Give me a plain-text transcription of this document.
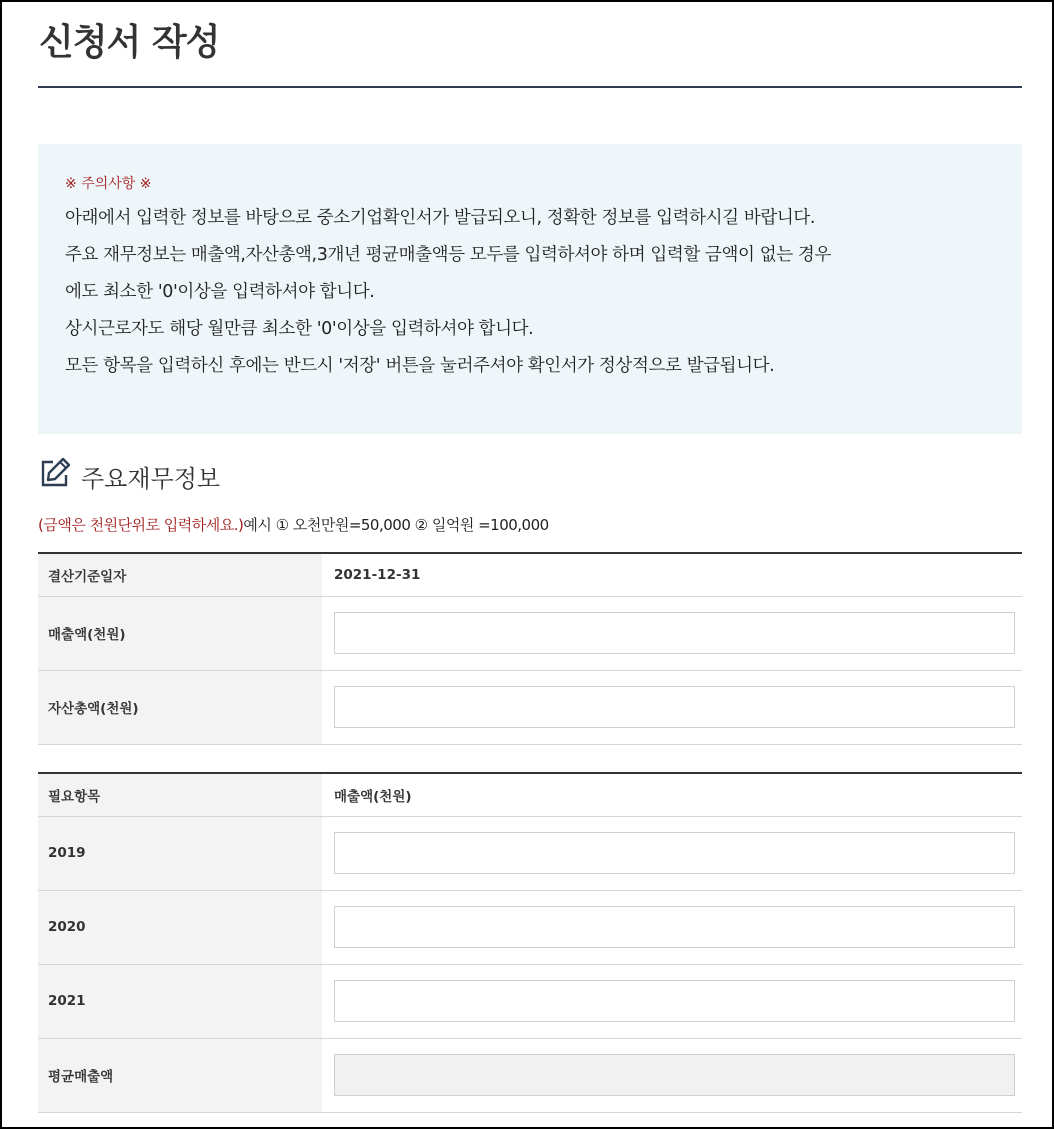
신청서 작성
※ 주의사항 ※
아래에서 입력한 정보를 바탕으로 중소기업확인서가 발급되오니, 정확한 정보를 입력하시길 바랍니다.
주요 재무정보는 매출액,자산총액,3개년 평균매출액등 모두를 입력하셔야 하며 입력할 금액이 없는 경우
에도 최소한 '0'이상을 입력하셔야 합니다.
상시근로자도 해당 월만큼 최소한 '0'이상을 입력하셔야 합니다.
모든 항목을 입력하신 후에는 반드시 '저장' 버튼을 눌러주셔야 확인서가 정상적으로 발급됩니다.
주요재무정보
(금액은 천원단위로 입력하세요.)예시 ① 오천만원=50,000 ② 일억원 =100,000
결산기준일자	2021-12-31
매출액(천원)	
자산총액(천원)	
필요항목	매출액(천원)
2019	
2020	
2021	
평균매출액	
